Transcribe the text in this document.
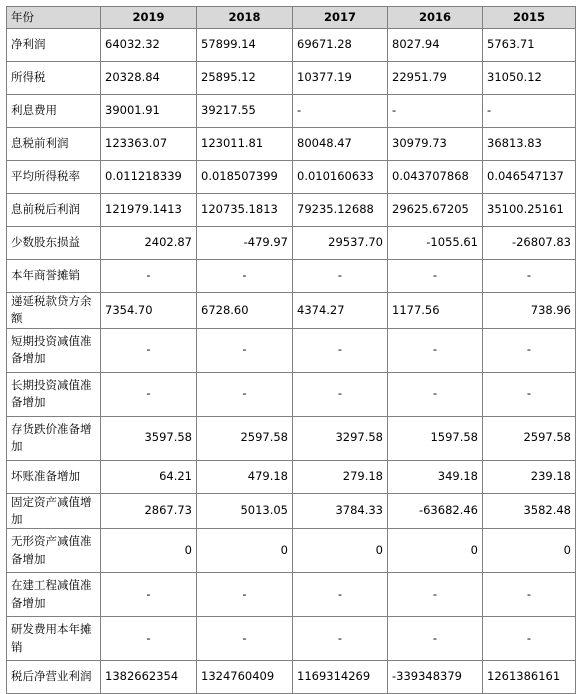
年份	2019	2018	2017	2016	2015
净利润	64032.32	57899.14	69671.28	8027.94	5763.71
所得税	20328.84	25895.12	10377.19	22951.79	31050.12
利息费用	39001.91	39217.55	-	-	-
息税前利润	123363.07	123011.81	80048.47	30979.73	36813.83
平均所得税率	0.011218339	0.018507399	0.010160633	0.043707868	0.046547137
息前税后利润	121979.1413	120735.1813	79235.12688	29625.67205	35100.25161
少数股东损益	2402.87	-479.97	29537.70	-1055.61	-26807.83
本年商誉摊销	-	-	-	-	-
递延税款贷方余额	7354.70	6728.60	4374.27	1177.56	738.96
短期投资减值准备增加	-	-	-	-	-
长期投资减值准备增加	-	-	-	-	-
存货跌价准备增加	3597.58	2597.58	3297.58	1597.58	2597.58
坏账准备增加	64.21	479.18	279.18	349.18	239.18
固定资产减值增加	2867.73	5013.05	3784.33	-63682.46	3582.48
无形资产减值准备增加	0	0	0	0	0
在建工程减值准备增加	-	-	-	-	-
研发费用本年摊销	-	-	-	-	-
税后净营业利润	1382662354	1324760409	1169314269	-339348379	1261386161
